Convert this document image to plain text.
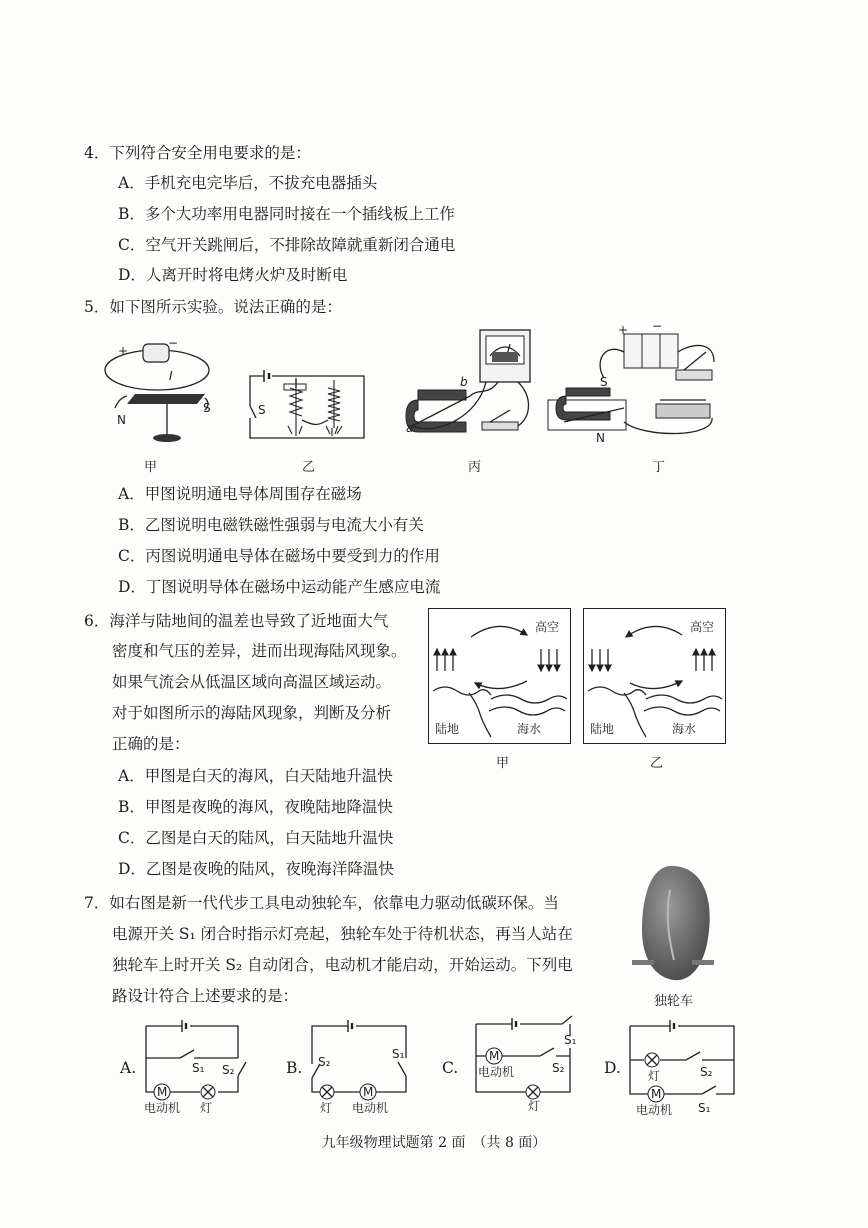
4．下列符合安全用电要求的是：
A．手机充电完毕后，不拔充电器插头
B．多个大功率用电器同时接在一个插线板上工作
C．空气开关跳闸后，不排除故障就重新闭合通电
D．人离开时将电烤火炉及时断电
5．如下图所示实验。说法正确的是：
+
−
I
N
S
甲
S
乙
a
b
丙
+ −
S
N
丁
A．甲图说明通电导体周围存在磁场
B．乙图说明电磁铁磁性强弱与电流大小有关
C．丙图说明通电导体在磁场中要受到力的作用
D．丁图说明导体在磁场中运动能产生感应电流
6．海洋与陆地间的温差也导致了近地面大气
密度和气压的差异，进而出现海陆风现象。
如果气流会从低温区域向高温区域运动。
对于如图所示的海陆风现象，判断及分析
正确的是：
A．甲图是白天的海风，白天陆地升温快
B．甲图是夜晚的海风，夜晚陆地降温快
C．乙图是白天的陆风，白天陆地升温快
D．乙图是夜晚的陆风，夜晚海洋降温快
高空
陆地	海水
甲
高空
陆地	海水
乙
7．如右图是新一代代步工具电动独轮车，依靠电力驱动低碳环保。当
电源开关 S₁ 闭合时指示灯亮起，独轮车处于待机状态，再当人站在
独轮车上时开关 S₂ 自动闭合，电动机才能启动，开始运动。下列电
路设计符合上述要求的是：	独轮车
A.	S₁ S₂
M
电动机 灯
B. S₂
S₁
M
灯 电动机
C.
S₁
M
S₂
电动机
灯
D. 灯	S₂
M
S₁
电动机
九年级物理试题第 2 面　（共 8 面）
